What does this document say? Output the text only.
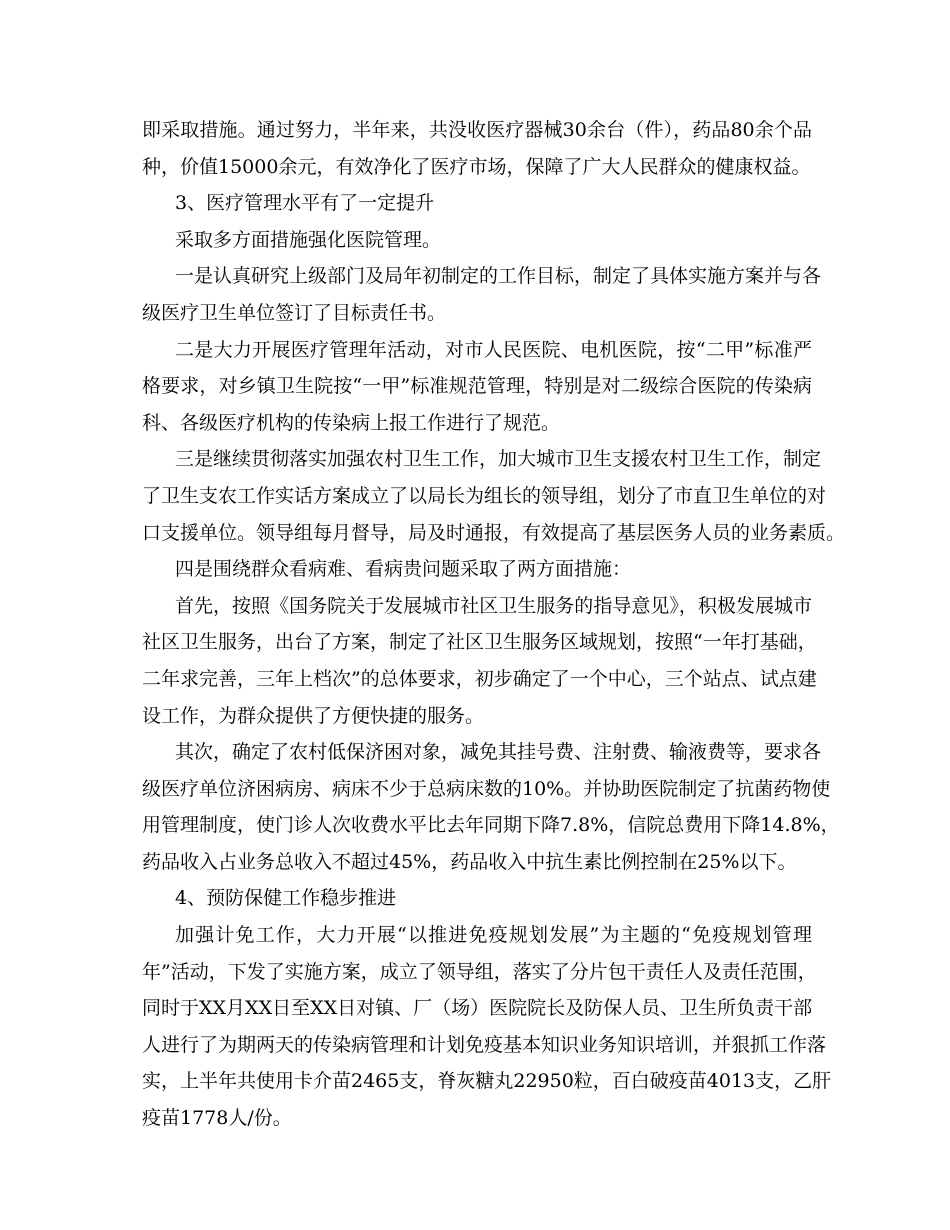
即采取措施。通过努力，半年来，共没收医疗器械30余台（件），药品80余个品
种，价值15000余元，有效净化了医疗市场，保障了广大人民群众的健康权益。
3、医疗管理水平有了一定提升
采取多方面措施强化医院管理。
一是认真研究上级部门及局年初制定的工作目标，制定了具体实施方案并与各
级医疗卫生单位签订了目标责任书。
二是大力开展医疗管理年活动，对市人民医院、电机医院，按“二甲”标准严
格要求，对乡镇卫生院按“一甲”标准规范管理，特别是对二级综合医院的传染病
科、各级医疗机构的传染病上报工作进行了规范。
三是继续贯彻落实加强农村卫生工作，加大城市卫生支援农村卫生工作，制定
了卫生支农工作实话方案成立了以局长为组长的领导组，划分了市直卫生单位的对
口支援单位。领导组每月督导，局及时通报，有效提高了基层医务人员的业务素质。
四是围绕群众看病难、看病贵问题采取了两方面措施：
首先，按照《国务院关于发展城市社区卫生服务的指导意见》，积极发展城市
社区卫生服务，出台了方案，制定了社区卫生服务区域规划，按照“一年打基础，
二年求完善，三年上档次”的总体要求，初步确定了一个中心，三个站点、试点建
设工作，为群众提供了方便快捷的服务。
其次，确定了农村低保济困对象，减免其挂号费、注射费、输液费等，要求各
级医疗单位济困病房、病床不少于总病床数的10%。并协助医院制定了抗菌药物使
用管理制度，使门诊人次收费水平比去年同期下降7.8%，信院总费用下降14.8%，
药品收入占业务总收入不超过45%，药品收入中抗生素比例控制在25%以下。
4、预防保健工作稳步推进
加强计免工作，大力开展“以推进免疫规划发展”为主题的“免疫规划管理
年”活动，下发了实施方案，成立了领导组，落实了分片包干责任人及责任范围，
同时于XX月XX日至XX日对镇、厂（场）医院院长及防保人员、卫生所负责干部
人进行了为期两天的传染病管理和计划免疫基本知识业务知识培训，并狠抓工作落
实，上半年共使用卡介苗2465支，脊灰糖丸22950粒，百白破疫苗4013支，乙肝
疫苗1778人/份。
